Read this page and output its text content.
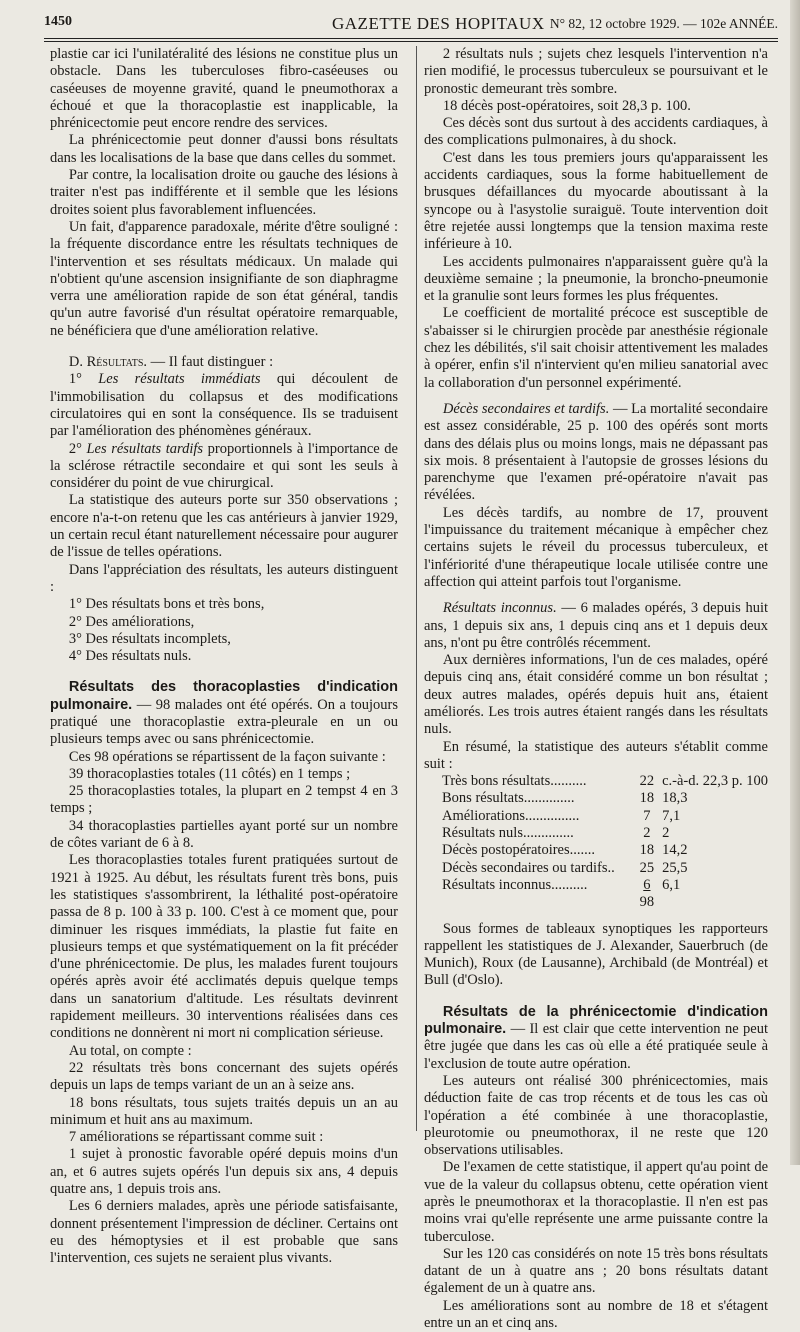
1450	GAZETTE DES HOPITAUX N° 82, 12 octobre 1929. — 102e ANNÉE.

plastie car ici l'unilatéralité des lésions ne constitue plus un obstacle. Dans les tuberculoses fibro-caséeuses ou caséeuses de moyenne gravité, quand le pneumothorax a échoué et que la thoracoplastie est inapplicable, la phrénicectomie peut encore rendre des services.

La phrénicectomie peut donner d'aussi bons résultats dans les localisations de la base que dans celles du sommet.

Par contre, la localisation droite ou gauche des lésions à traiter n'est pas indifférente et il semble que les lésions droites soient plus favorablement influencées.

Un fait, d'apparence paradoxale, mérite d'être souligné : la fréquente discordance entre les résultats techniques de l'intervention et ses résultats médicaux. Un malade qui n'obtient qu'une ascension insignifiante de son diaphragme verra une amélioration rapide de son état général, tandis qu'un autre favorisé d'un résultat opératoire remarquable, ne bénéficiera que d'une amélioration relative.

D. Résultats. — Il faut distinguer :

1° Les résultats immédiats qui découlent de l'immobilisation du collapsus et des modifications circulatoires qui en sont la conséquence. Ils se traduisent par l'amélioration des phénomènes généraux.

2° Les résultats tardifs proportionnels à l'importance de la sclérose rétractile secondaire et qui sont les seuls à considérer du point de vue chirurgical.

La statistique des auteurs porte sur 350 observations ; encore n'a-t-on retenu que les cas antérieurs à janvier 1929, un certain recul étant naturellement nécessaire pour augurer de l'issue de telles opérations.

Dans l'appréciation des résultats, les auteurs distinguent :

1° Des résultats bons et très bons,

2° Des améliorations,

3° Des résultats incomplets,

4° Des résultats nuls.

Résultats des thoracoplasties d'indication pulmonaire. — 98 malades ont été opérés. On a toujours pratiqué une thoracoplastie extra-pleurale en un ou plusieurs temps avec ou sans phrénicectomie.

Ces 98 opérations se répartissent de la façon suivante :

39 thoracoplasties totales (11 côtés) en 1 temps ;

25 thoracoplasties totales, la plupart en 2 tempst 4 en 3 temps ;

34 thoracoplasties partielles ayant porté sur un nombre de côtes variant de 6 à 8.

Les thoracoplasties totales furent pratiquées surtout de 1921 à 1925. Au début, les résultats furent très bons, puis les statistiques s'assombrirent, la léthalité post-opératoire passa de 8 p. 100 à 33 p. 100. C'est à ce moment que, pour diminuer les risques immédiats, la plastie fut faite en plusieurs temps et que systématiquement on la fit précéder d'une phrénicectomie. De plus, les malades furent toujours opérés après avoir été acclimatés depuis quelque temps dans un sanatorium d'altitude. Les résultats devinrent rapidement meilleurs. 30 interventions réalisées dans ces conditions ne donnèrent ni mort ni complication sérieuse.

Au total, on compte :

22 résultats très bons concernant des sujets opérés depuis un laps de temps variant de un an à seize ans.

18 bons résultats, tous sujets traités depuis un an au minimum et huit ans au maximum.

7 améliorations se répartissant comme suit :

1 sujet à pronostic favorable opéré depuis moins d'un an, et 6 autres sujets opérés l'un depuis six ans, 4 depuis quatre ans, 1 depuis trois ans.

Les 6 derniers malades, après une période satisfaisante, donnent présentement l'impression de décliner. Certains ont eu des hémoptysies et il est probable que sans l'intervention, ces sujets ne seraient plus vivants.

2 résultats nuls ; sujets chez lesquels l'intervention n'a rien modifié, le processus tuberculeux se poursuivant et le pronostic demeurant très sombre.

18 décès post-opératoires, soit 28,3 p. 100.

Ces décès sont dus surtout à des accidents cardiaques, à des complications pulmonaires, à du shock.

C'est dans les tous premiers jours qu'apparaissent les accidents cardiaques, sous la forme habituellement de brusques défaillances du myocarde aboutissant à la syncope ou à l'asystolie suraiguë. Toute intervention doit être rejetée aussi longtemps que la tension maxima reste inférieure à 10.

Les accidents pulmonaires n'apparaissent guère qu'à la deuxième semaine ; la pneumonie, la broncho-pneumonie et la granulie sont leurs formes les plus fréquentes.

Le coefficient de mortalité précoce est susceptible de s'abaisser si le chirurgien procède par anesthésie régionale chez les débilités, s'il sait choisir attentivement les malades à opérer, enfin s'il n'intervient qu'en milieu sanatorial avec la collaboration d'un personnel expérimenté.

Décès secondaires et tardifs. — La mortalité secondaire est assez considérable, 25 p. 100 des opérés sont morts dans des délais plus ou moins longs, mais ne dépassant pas six mois. 8 présentaient à l'autopsie de grosses lésions du parenchyme que l'examen pré-opératoire n'avait pas révélées.

Les décès tardifs, au nombre de 17, prouvent l'impuissance du traitement mécanique à empêcher chez certains sujets le réveil du processus tuberculeux, et l'infériorité d'une thérapeutique locale utilisée contre une affection qui atteint parfois tout l'organisme.

Résultats inconnus. — 6 malades opérés, 3 depuis huit ans, 1 depuis six ans, 1 depuis cinq ans et 1 depuis deux ans, n'ont pu être contrôlés récemment.

Aux dernières informations, l'un de ces malades, opéré depuis cinq ans, était considéré comme un bon résultat ; deux autres malades, opérés depuis huit ans, étaient améliorés. Les trois autres étaient rangés dans les résultats nuls.

En résumé, la statistique des auteurs s'établit comme suit :

Très bons résultats..........	22	c.-à-d. 22,3 p. 100
Bons résultats..............	18	18,3
Améliorations...............	7	7,1
Résultats nuls..............	2	2
Décès postopératoires.......	18	14,2
Décès secondaires ou tardifs..	25	25,5
Résultats inconnus..........	6	6,1
	98	

Sous formes de tableaux synoptiques les rapporteurs rappellent les statistiques de J. Alexander, Sauerbruch (de Munich), Roux (de Lausanne), Archibald (de Montréal) et Bull (d'Oslo).

Résultats de la phrénicectomie d'indication pulmonaire. — Il est clair que cette intervention ne peut être jugée que dans les cas où elle a été pratiquée seule à l'exclusion de toute autre opération.

Les auteurs ont réalisé 300 phrénicectomies, mais déduction faite de cas trop récents et de tous les cas où l'opération a été combinée à une thoracoplastie, pleurotomie ou pneumothorax, il ne reste que 120 observations utilisables.

De l'examen de cette statistique, il appert qu'au point de vue de la valeur du collapsus obtenu, cette opération vient après le pneumothorax et la thoracoplastie. Il n'en est pas moins vrai qu'elle représente une arme puissante contre la tuberculose.

Sur les 120 cas considérés on note 15 très bons résultats datant de un à quatre ans ; 20 bons résultats datant également de un à quatre ans.

Les améliorations sont au nombre de 18 et s'étagent entre un an et cinq ans.
